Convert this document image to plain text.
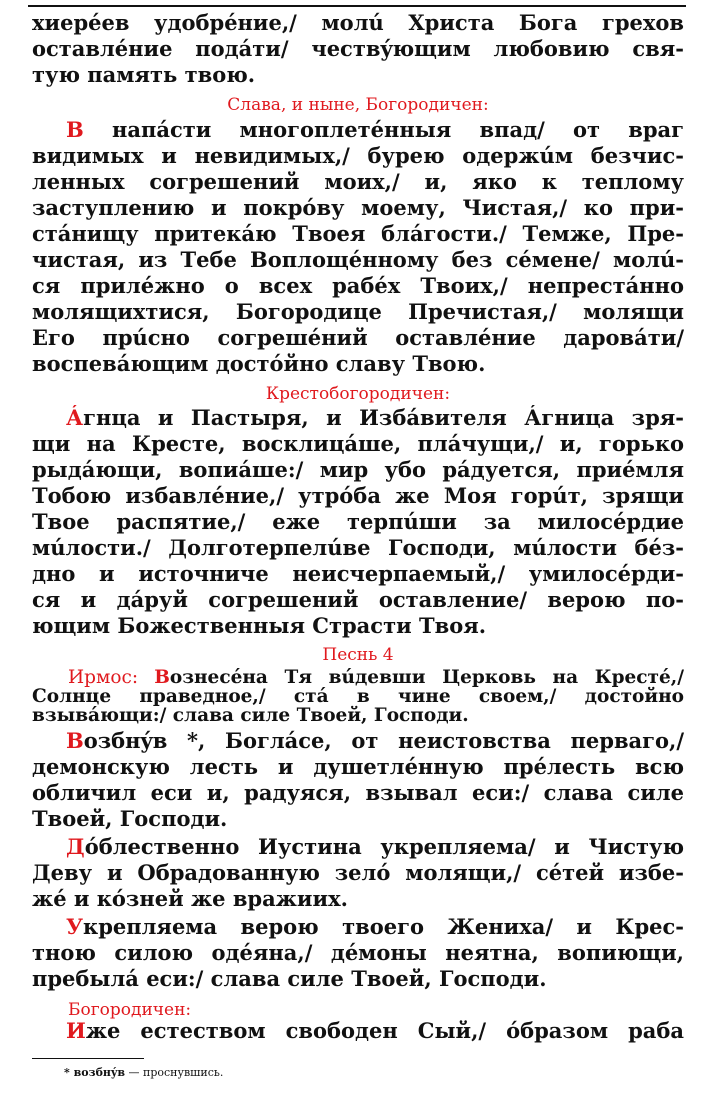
хиерéев удобрéние,/ молú Христа Бога грехов
оставлéние подáти/ чествýющим любовию свя-
тую память твою.
Слава, и ныне, Богородичен:
В напáсти многоплетéнныя впад/ от враг
видимых и невидимых,/ бурею одержúм безчис-
ленных согрешений моих,/ и, яко к теплому
заступлению и покрóву моему, Чистая,/ ко при-
стáнищу притекáю Твоея блáгости./ Темже, Пре-
чистая, из Тебе Воплощéнному без сéмене/ молú-
ся прилéжно о всех рабéх Твоих,/ непрестáнно
молящихтися, Богородице Пречистая,/ молящи
Его прúсно согрешéний оставлéние даровáти/
воспевáющим достóйно славу Твою.
Крестобогородичен:
А́гнца и Пастыря, и Избáвителя А́гница зря-
щи на Кресте, восклицáше, плáчущи,/ и, горько
рыдáющи, вопиáше:/ мир убо рáдуется, приéмля
Тобою избавлéние,/ утрóба же Моя горúт, зрящи
Твое распятие,/ еже терпúши за милосéрдие
мúлости./ Долготерпелúве Господи, мúлости бéз-
дно и источниче неисчерпаемый,/ умилосéрди-
ся и дáруй согрешений оставление/ верою по-
ющим Божественныя Страсти Твоя.
Песнь 4
Ирмос: Вознесéна Тя вúдевши Церковь на Кресте́,/
Солнце праведное,/ стá в чине своем,/ достойно
взывáющи:/ слава силе Твоей, Господи.
Возбнýв *, Боглáсе, от неистовства перваго,/
демонскую лесть и душетлéнную прéлесть всю
обличил еси и, радуяся, взывал еси:/ слава силе
Твоей, Господи.
Дóблественно Иустина укрепляема/ и Чистую
Деву и Обрадованную зелó молящи,/ сéтей избе-
жé и кóзней же вражиих.
Укрепляема верою твоего Жениха/ и Крес-
тною силою одéяна,/ дéмоны неятна, вопиющи,
пребылá еси:/ слава силе Твоей, Господи.
Богородичен:
Иже естеством свободен Сый,/ óбразом раба
* возбнýв — проснувшись.
